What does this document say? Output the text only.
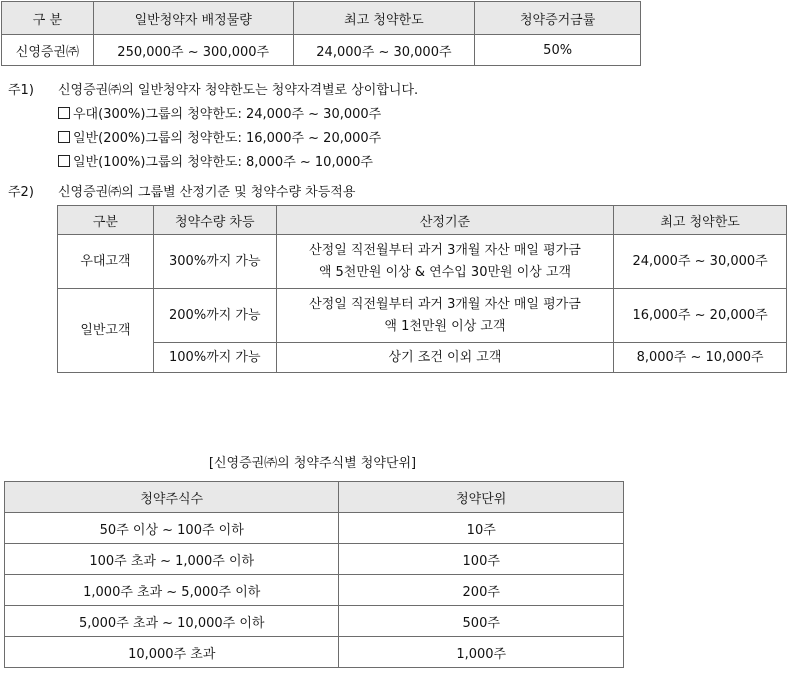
구 분	일반청약자 배정물량	최고 청약한도	청약증거금률
신영증권㈜	250,000주 ~ 300,000주	24,000주 ~ 30,000주	50%
주1) 신영증권㈜의 일반청약자 청약한도는 청약자격별로 상이합니다.
우대(300%)그룹의 청약한도: 24,000주 ~ 30,000주
일반(200%)그룹의 청약한도: 16,000주 ~ 20,000주
일반(100%)그룹의 청약한도: 8,000주 ~ 10,000주
주2) 신영증권㈜의 그룹별 산정기준 및 청약수량 차등적용
구분	청약수량 차등	산정기준	최고 청약한도
우대고객	300%까지 가능	산정일 직전월부터 과거 3개월 자산 매일 평가금
액 5천만원 이상 & 연수입 30만원 이상 고객	24,000주 ~ 30,000주
일반고객	200%까지 가능	산정일 직전월부터 과거 3개월 자산 매일 평가금
액 1천만원 이상 고객	16,000주 ~ 20,000주
	100%까지 가능	상기 조건 이외 고객	8,000주 ~ 10,000주
[신영증권㈜의 청약주식별 청약단위]
청약주식수	청약단위
50주 이상 ~ 100주 이하	10주
100주 초과 ~ 1,000주 이하	100주
1,000주 초과 ~ 5,000주 이하	200주
5,000주 초과 ~ 10,000주 이하	500주
10,000주 초과	1,000주
